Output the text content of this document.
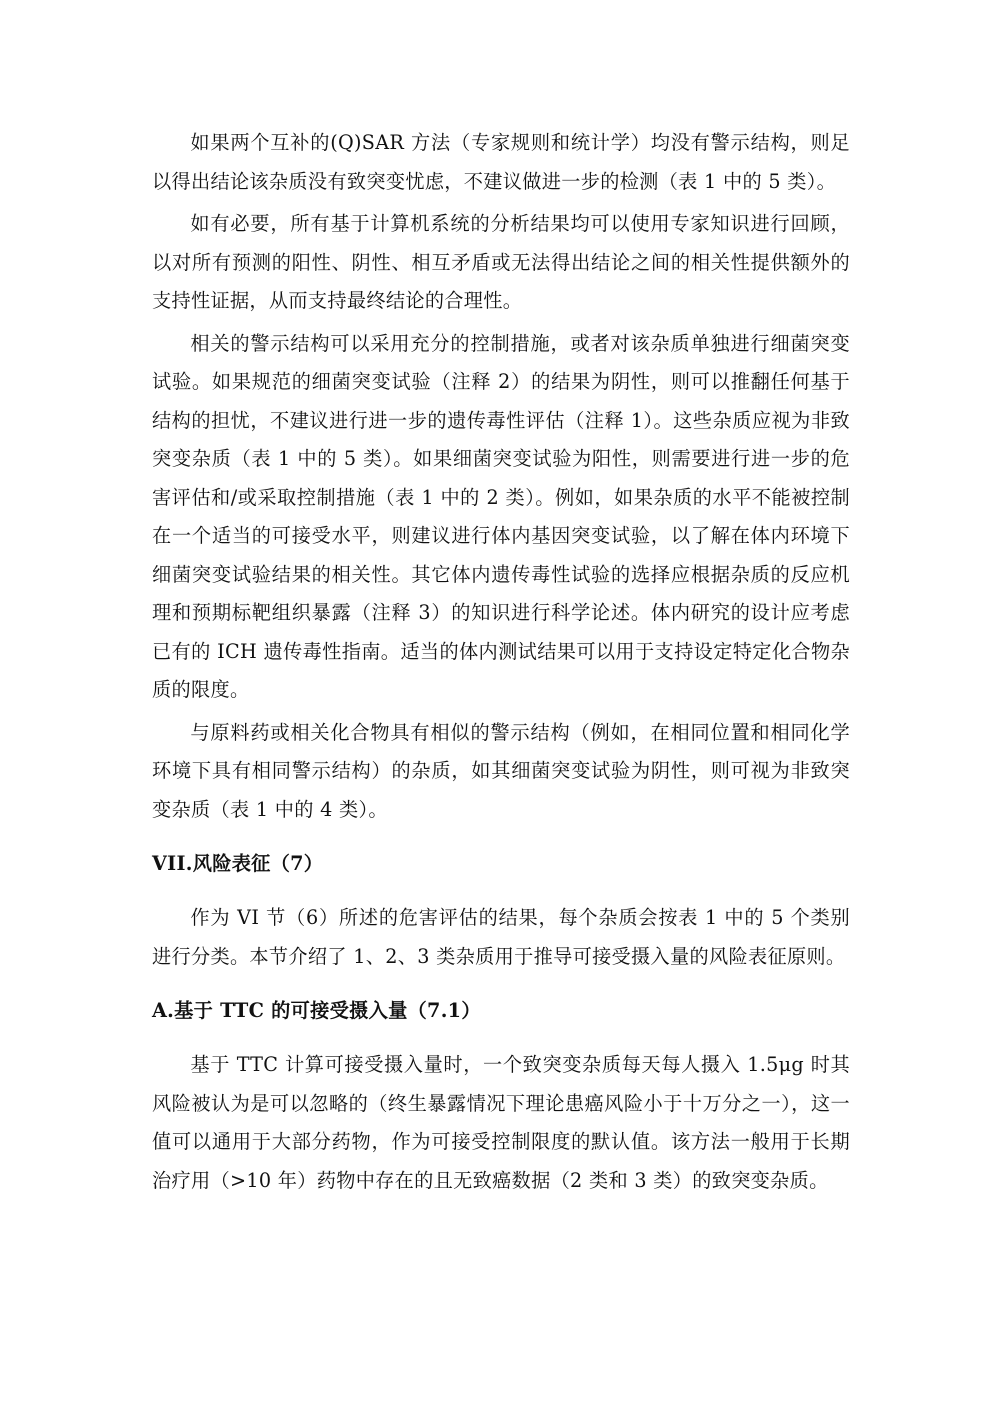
如果两个互补的(Q)SAR 方法（专家规则和统计学）均没有警示结构，则足以得出结论该杂质没有致突变忧虑，不建议做进一步的检测（表 1 中的 5 类）。

如有必要，所有基于计算机系统的分析结果均可以使用专家知识进行回顾，以对所有预测的阳性、阴性、相互矛盾或无法得出结论之间的相关性提供额外的支持性证据，从而支持最终结论的合理性。

相关的警示结构可以采用充分的控制措施，或者对该杂质单独进行细菌突变试验。如果规范的细菌突变试验（注释 2）的结果为阴性，则可以推翻任何基于结构的担忧，不建议进行进一步的遗传毒性评估（注释 1）。这些杂质应视为非致突变杂质（表 1 中的 5 类）。如果细菌突变试验为阳性，则需要进行进一步的危害评估和/或采取控制措施（表 1 中的 2 类）。例如，如果杂质的水平不能被控制在一个适当的可接受水平，则建议进行体内基因突变试验，以了解在体内环境下细菌突变试验结果的相关性。其它体内遗传毒性试验的选择应根据杂质的反应机理和预期标靶组织暴露（注释 3）的知识进行科学论述。体内研究的设计应考虑已有的 ICH 遗传毒性指南。适当的体内测试结果可以用于支持设定特定化合物杂质的限度。

与原料药或相关化合物具有相似的警示结构（例如，在相同位置和相同化学环境下具有相同警示结构）的杂质，如其细菌突变试验为阴性，则可视为非致突变杂质（表 1 中的 4 类）。

VII.风险表征（7）

作为 VI 节（6）所述的危害评估的结果，每个杂质会按表 1 中的 5 个类别进行分类。本节介绍了 1、2、3 类杂质用于推导可接受摄入量的风险表征原则。

A.基于 TTC 的可接受摄入量（7.1）

基于 TTC 计算可接受摄入量时，一个致突变杂质每天每人摄入 1.5μg 时其风险被认为是可以忽略的（终生暴露情况下理论患癌风险小于十万分之一），这一值可以通用于大部分药物，作为可接受控制限度的默认值。该方法一般用于长期治疗用（>10 年）药物中存在的且无致癌数据（2 类和 3 类）的致突变杂质。
